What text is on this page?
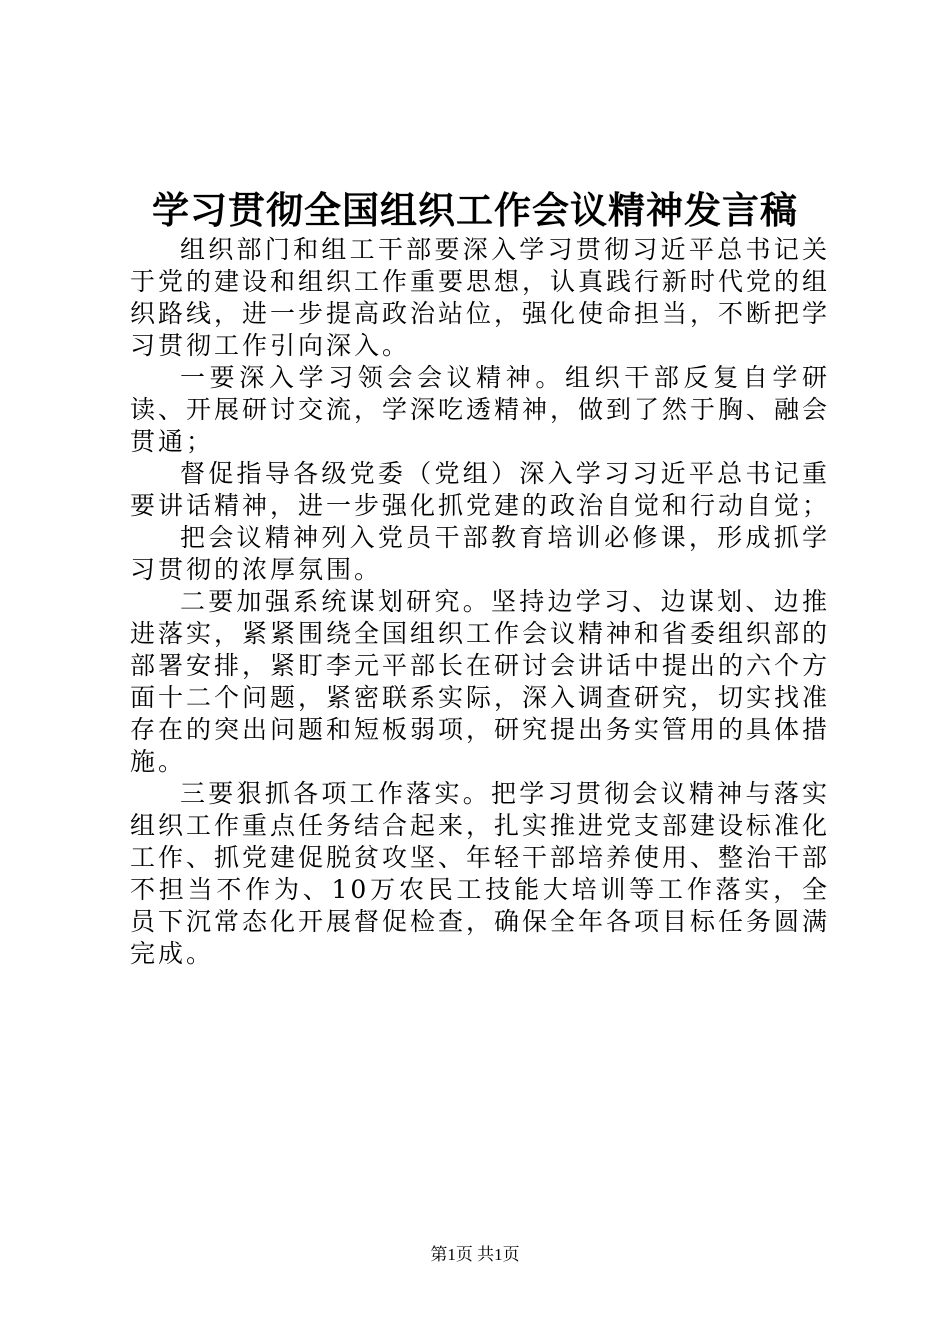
学习贯彻全国组织工作会议精神发言稿

组织部门和组工干部要深入学习贯彻习近平总书记关于党的建设和组织工作重要思想，认真践行新时代党的组织路线，进一步提高政治站位，强化使命担当，不断把学习贯彻工作引向深入。

一要深入学习领会会议精神。组织干部反复自学研读、开展研讨交流，学深吃透精神，做到了然于胸、融会贯通；

督促指导各级党委（党组）深入学习习近平总书记重要讲话精神，进一步强化抓党建的政治自觉和行动自觉；

把会议精神列入党员干部教育培训必修课，形成抓学习贯彻的浓厚氛围。

二要加强系统谋划研究。坚持边学习、边谋划、边推进落实，紧紧围绕全国组织工作会议精神和省委组织部的部署安排，紧盯李元平部长在研讨会讲话中提出的六个方面十二个问题，紧密联系实际，深入调查研究，切实找准存在的突出问题和短板弱项，研究提出务实管用的具体措施。

三要狠抓各项工作落实。把学习贯彻会议精神与落实组织工作重点任务结合起来，扎实推进党支部建设标准化工作、抓党建促脱贫攻坚、年轻干部培养使用、整治干部不担当不作为、10万农民工技能大培训等工作落实，全员下沉常态化开展督促检查，确保全年各项目标任务圆满完成。

第1页 共1页
